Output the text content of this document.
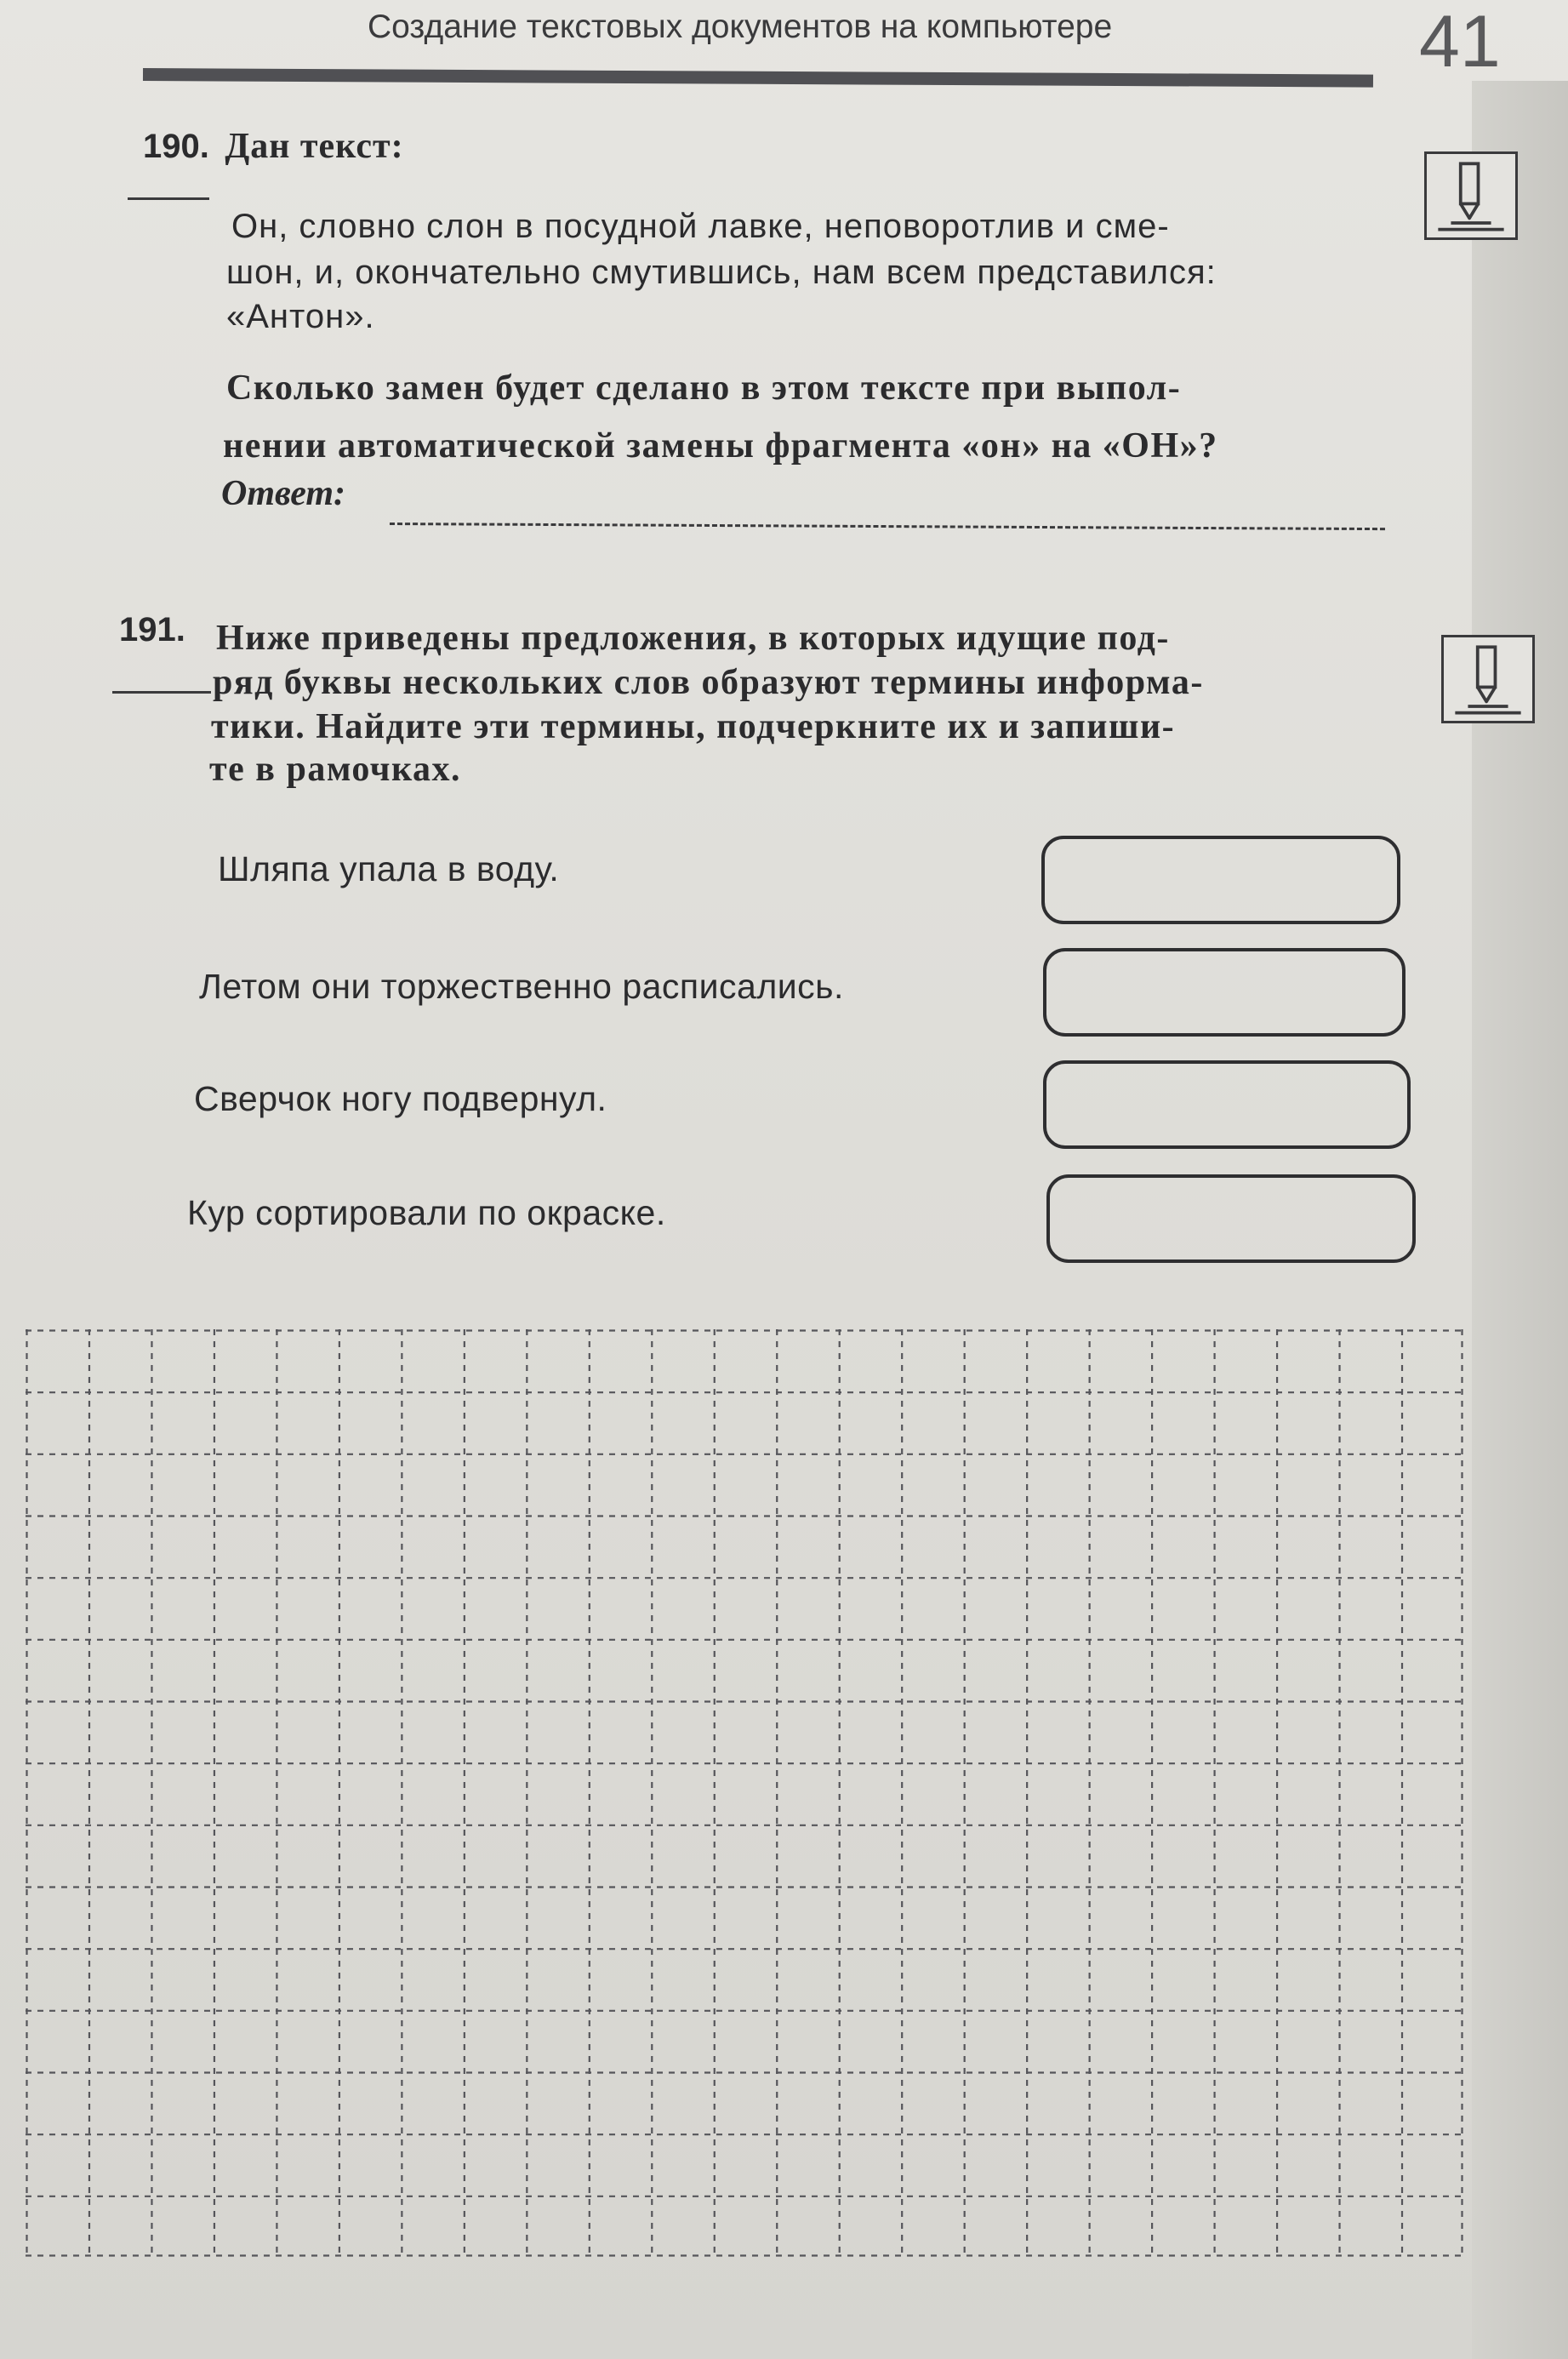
Создание текстовых документов на компьютере	41
190. Дан текст:
Он, словно слон в посудной лавке, неповоротлив и сме-
шон, и, окончательно смутившись, нам всем представился:
«Антон».
Сколько замен будет сделано в этом тексте при выпол-
нении автоматической замены фрагмента «он» на «ОН»?
Ответ:
191. Ниже приведены предложения, в которых идущие под-
ряд буквы нескольких слов образуют термины информа-
тики. Найдите эти термины, подчеркните их и запиши-
те в рамочках.
Шляпа упала в воду.
Летом они торжественно расписались.
Сверчок ногу подвернул.
Кур сортировали по окраске.
